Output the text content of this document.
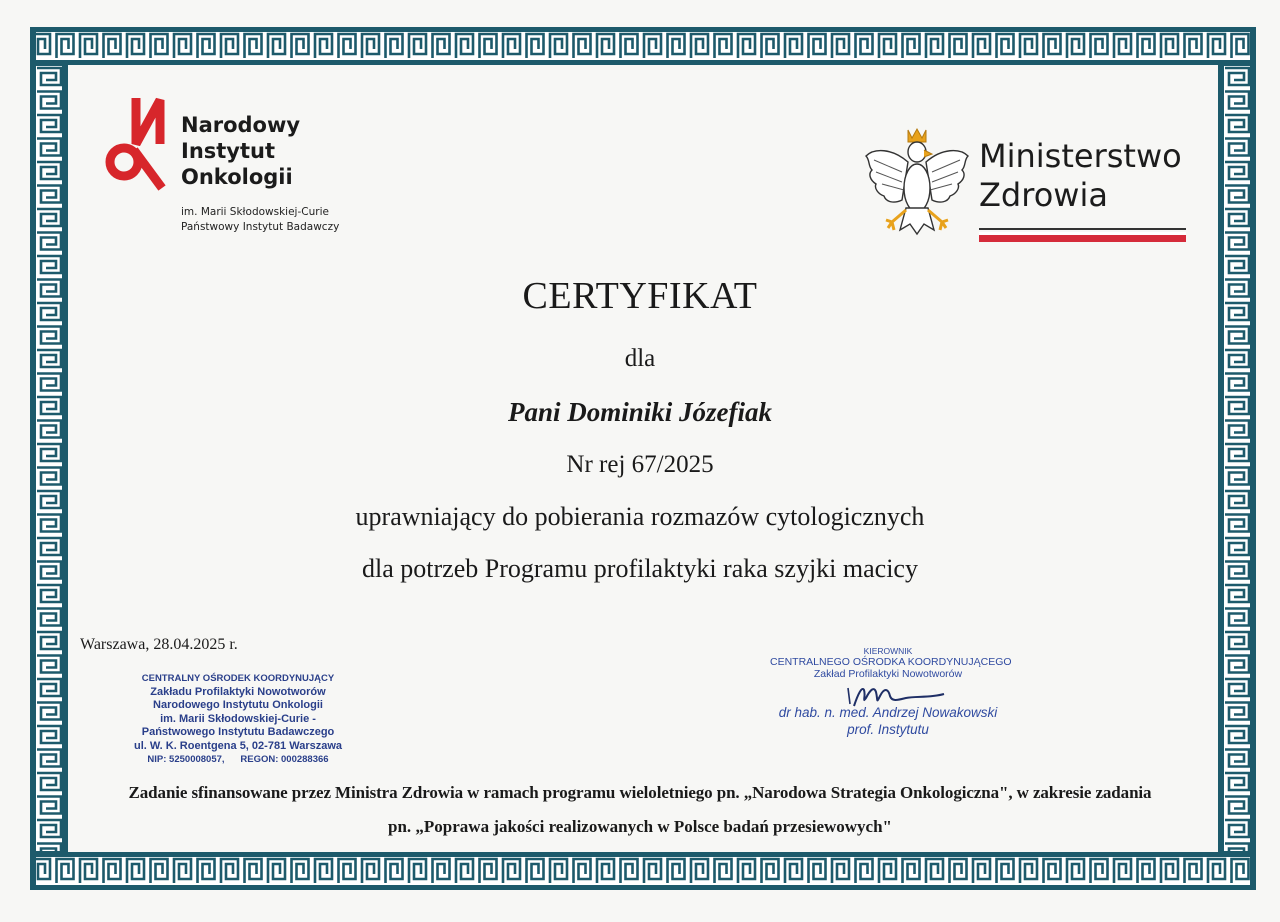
Narodowy
Instytut
Onkologii
im. Marii Skłodowskiej-Curie
Państwowy Instytut Badawczy
Ministerstwo
Zdrowia
CERTYFIKAT
dla
Pani Dominiki Józefiak
Nr rej 67/2025
uprawniający do pobierania rozmazów cytologicznych
dla potrzeb Programu profilaktyki raka szyjki macicy
Warszawa, 28.04.2025 r.
CENTRALNY OŚRODEK KOORDYNUJĄCY
Zakładu Profilaktyki Nowotworów
Narodowego Instytutu Onkologii
im. Marii Skłodowskiej-Curie -
Państwowego Instytutu Badawczego
ul. W. K. Roentgena 5, 02-781 Warszawa
NIP: 5250008057,      REGON: 000288366
KIEROWNIK
CENTRALNEGO OŚRODKA KOORDYNUJĄCEGO
Zakład Profilaktyki Nowotworów
dr hab. n. med. Andrzej Nowakowski
prof. Instytutu
Zadanie sfinansowane przez Ministra Zdrowia w ramach programu wieloletniego pn. „Narodowa Strategia Onkologiczna", w zakresie zadania
pn. „Poprawa jakości realizowanych w Polsce badań przesiewowych"
